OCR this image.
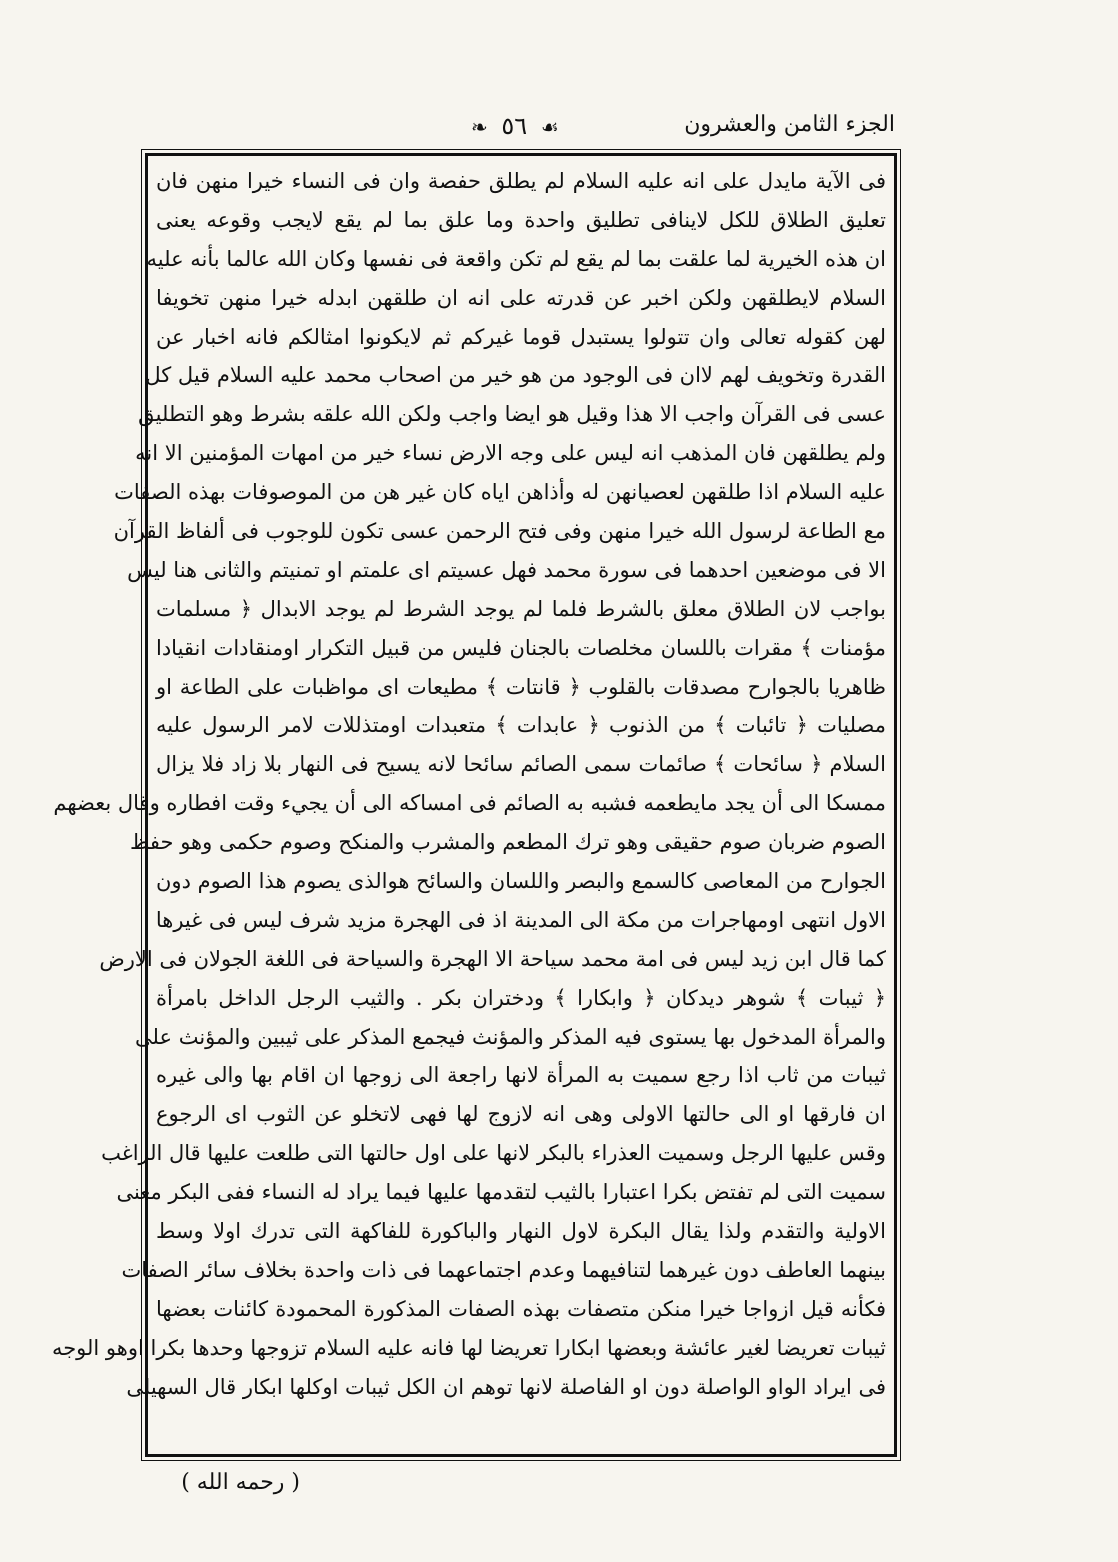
الجزء الثامن والعشرون
❧ ٥٦ ☙
فى الآية مايدل على انه عليه السلام لم يطلق حفصة وان فى النساء خيرا منهن فان
تعليق الطلاق للكل لاينافى تطليق واحدة وما علق بما لم يقع لايجب وقوعه يعنى
ان هذه الخيرية لما علقت بما لم يقع لم تكن واقعة فى نفسها وكان الله عالما بأنه عليه
السلام لايطلقهن ولكن اخبر عن قدرته على انه ان طلقهن ابدله خيرا منهن تخويفا
لهن كقوله تعالى وان تتولوا يستبدل قوما غيركم ثم لايكونوا امثالكم فانه اخبار عن
القدرة وتخويف لهم لاان فى الوجود من هو خير من اصحاب محمد عليه السلام قيل كل
عسى فى القرآن واجب الا هذا وقيل هو ايضا واجب ولكن الله علقه بشرط وهو التطليق
ولم يطلقهن فان المذهب انه ليس على وجه الارض نساء خير من امهات المؤمنين الا انه
عليه السلام اذا طلقهن لعصيانهن له وأذاهن اياه كان غير هن من الموصوفات بهذه الصفات
مع الطاعة لرسول الله خيرا منهن وفى فتح الرحمن عسى تكون للوجوب فى ألفاظ القرآن
الا فى موضعين احدهما فى سورة محمد فهل عسيتم اى علمتم او تمنيتم والثانى هنا ليس
بواجب لان الطلاق معلق بالشرط فلما لم يوجد الشرط لم يوجد الابدال ﴿ مسلمات
مؤمنات ﴾ مقرات باللسان مخلصات بالجنان فليس من قبيل التكرار اومنقادات انقيادا
ظاهريا بالجوارح مصدقات بالقلوب ﴿ قانتات ﴾ مطيعات اى مواظبات على الطاعة او
مصليات ﴿ تائبات ﴾ من الذنوب ﴿ عابدات ﴾ متعبدات اومتذللات لامر الرسول عليه
السلام ﴿ سائحات ﴾ صائمات سمى الصائم سائحا لانه يسيح فى النهار بلا زاد فلا يزال
ممسكا الى أن يجد مايطعمه فشبه به الصائم فى امساكه الى أن يجيء وقت افطاره وقال بعضهم
الصوم ضربان صوم حقيقى وهو ترك المطعم والمشرب والمنكح وصوم حكمى وهو حفظ
الجوارح من المعاصى كالسمع والبصر واللسان والسائح هوالذى يصوم هذا الصوم دون
الاول انتهى اومهاجرات من مكة الى المدينة اذ فى الهجرة مزيد شرف ليس فى غيرها
كما قال ابن زيد ليس فى امة محمد سياحة الا الهجرة والسياحة فى اللغة الجولان فى الارض
﴿ ثيبات ﴾ شوهر ديدكان ﴿ وابكارا ﴾ ودختران بكر . والثيب الرجل الداخل بامرأة
والمرأة المدخول بها يستوى فيه المذكر والمؤنث فيجمع المذكر على ثيبين والمؤنث على
ثيبات من ثاب اذا رجع سميت به المرأة لانها راجعة الى زوجها ان اقام بها والى غيره
ان فارقها او الى حالتها الاولى وهى انه لازوج لها فهى لاتخلو عن الثوب اى الرجوع
وقس عليها الرجل وسميت العذراء بالبكر لانها على اول حالتها التى طلعت عليها قال الراغب
سميت التى لم تفتض بكرا اعتبارا بالثيب لتقدمها عليها فيما يراد له النساء ففى البكر معنى
الاولية والتقدم ولذا يقال البكرة لاول النهار والباكورة للفاكهة التى تدرك اولا وسط
بينهما العاطف دون غيرهما لتنافيهما وعدم اجتماعهما فى ذات واحدة بخلاف سائر الصفات
فكأنه قيل ازواجا خيرا منكن متصفات بهذه الصفات المذكورة المحمودة كائنات بعضها
ثيبات تعريضا لغير عائشة وبعضها ابكارا تعريضا لها فانه عليه السلام تزوجها وحدها بكرا اوهو الوجه
فى ايراد الواو الواصلة دون او الفاصلة لانها توهم ان الكل ثيبات اوكلها ابكار قال السهيلى
( رحمه الله )
